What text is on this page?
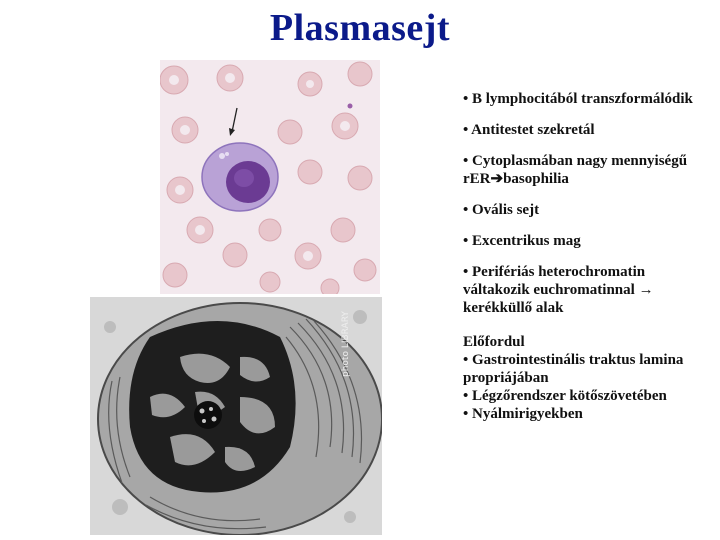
Plasmasejt
photo LIBRARY

• B lymphocitából transzformálódik

• Antitestet szekretál

• Cytoplasmában nagy mennyiségű rER➔basophilia

• Ovális sejt

• Excentrikus mag

• Perifériás heterochromatin váltakozik euchromatinnal → kerékküllő alak

Előfordul

• Gastrointestinális traktus lamina propriájában

• Légzőrendszer kötőszövetében

• Nyálmirigyekben
